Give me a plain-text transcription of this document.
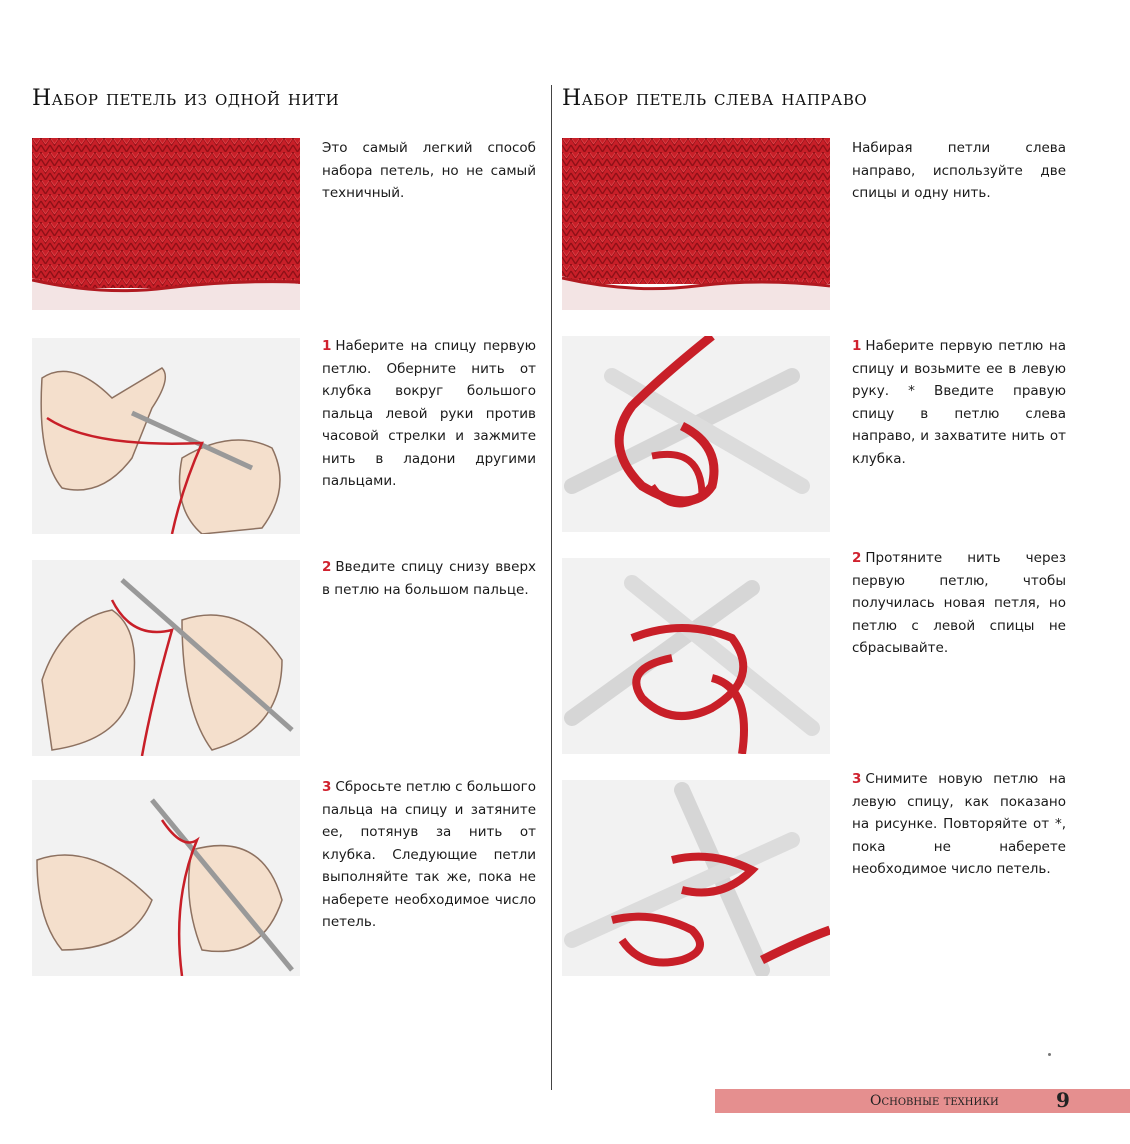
Набор петель из одной нити
Это самый легкий способ набора петель, но не самый техничный.
1 Наберите на спицу первую петлю. Оберните нить от клубка вокруг большого пальца левой руки против часовой стрелки и зажмите нить в ладони другими пальцами.
2 Введите спицу снизу вверх в петлю на большом пальце.
3 Сбросьте петлю с большого пальца на спицу и затяните ее, потянув за нить от клубка. Следующие петли выполняйте так же, пока не наберете необходимое число петель.
Набор петель слева направо
Набирая петли слева направо, используйте две спицы и одну нить.
1 Наберите первую петлю на спицу и возьмите ее в левую руку. * Введите правую спицу в петлю слева направо, и захватите нить от клубка.
2 Протяните нить через первую петлю, чтобы получилась новая петля, но петлю с левой спицы не сбрасывайте.
3 Снимите новую петлю на левую спицу, как показано на рисунке. Повторяйте от *, пока не наберете необходимое число петель.
Основные техники	9
